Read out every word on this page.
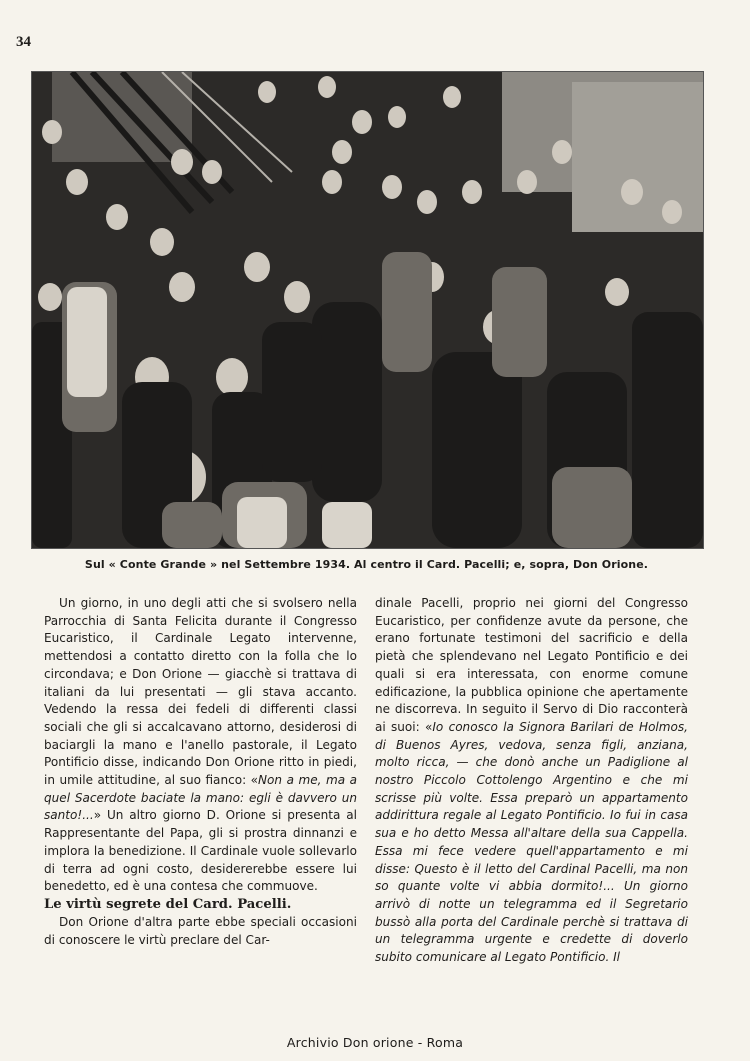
34
Sul « Conte Grande » nel Settembre 1934. Al centro il Card. Pacelli; e, sopra, Don Orione.

Un giorno, in uno degli atti che si svolsero nella Parrocchia di Santa Felicita durante il Congresso Eucaristico, il Cardinale Legato intervenne, mettendosi a contatto diretto con la folla che lo circondava; e Don Orione — giacchè si trattava di italiani da lui presentati — gli stava accanto. Vedendo la ressa dei fedeli di differenti classi sociali che gli si accalcavano attorno, desiderosi di baciargli la mano e l'anello pastorale, il Legato Pontificio disse, indicando Don Orione ritto in piedi, in umile attitudine, al suo fianco: «Non a me, ma a quel Sacerdote baciate la mano: egli è davvero un santo!...» Un altro giorno D. Orione si presenta al Rappresentante del Papa, gli si prostra dinnanzi e implora la benedizione. Il Cardinale vuole sollevarlo di terra ad ogni costo, desidererebbe essere lui benedetto, ed è una contesa che commuove.

Le virtù segrete del Card. Pacelli.

Don Orione d'altra parte ebbe speciali occasioni di conoscere le virtù preclare del Car-

dinale Pacelli, proprio nei giorni del Congresso Eucaristico, per confidenze avute da persone, che erano fortunate testimoni del sacrificio e della pietà che splendevano nel Legato Pontificio e dei quali si era interessata, con enorme comune edificazione, la pubblica opinione che apertamente ne discorreva. In seguito il Servo di Dio racconterà ai suoi: «Io conosco la Signora Barilari de Holmos, di Buenos Ayres, vedova, senza figli, anziana, molto ricca, — che donò anche un Padiglione al nostro Piccolo Cottolengo Argentino e che mi scrisse più volte. Essa preparò un appartamento addirittura regale al Legato Pontificio. Io fui in casa sua e ho detto Messa all'altare della sua Cappella. Essa mi fece vedere quell'appartamento e mi disse: Questo è il letto del Cardinal Pacelli, ma non so quante volte vi abbia dormito!... Un giorno arrivò di notte un telegramma ed il Segretario bussò alla porta del Cardinale perchè si trattava di un telegramma urgente e credette di doverlo subito comunicare al Legato Pontificio. Il

Archivio Don orione - Roma
